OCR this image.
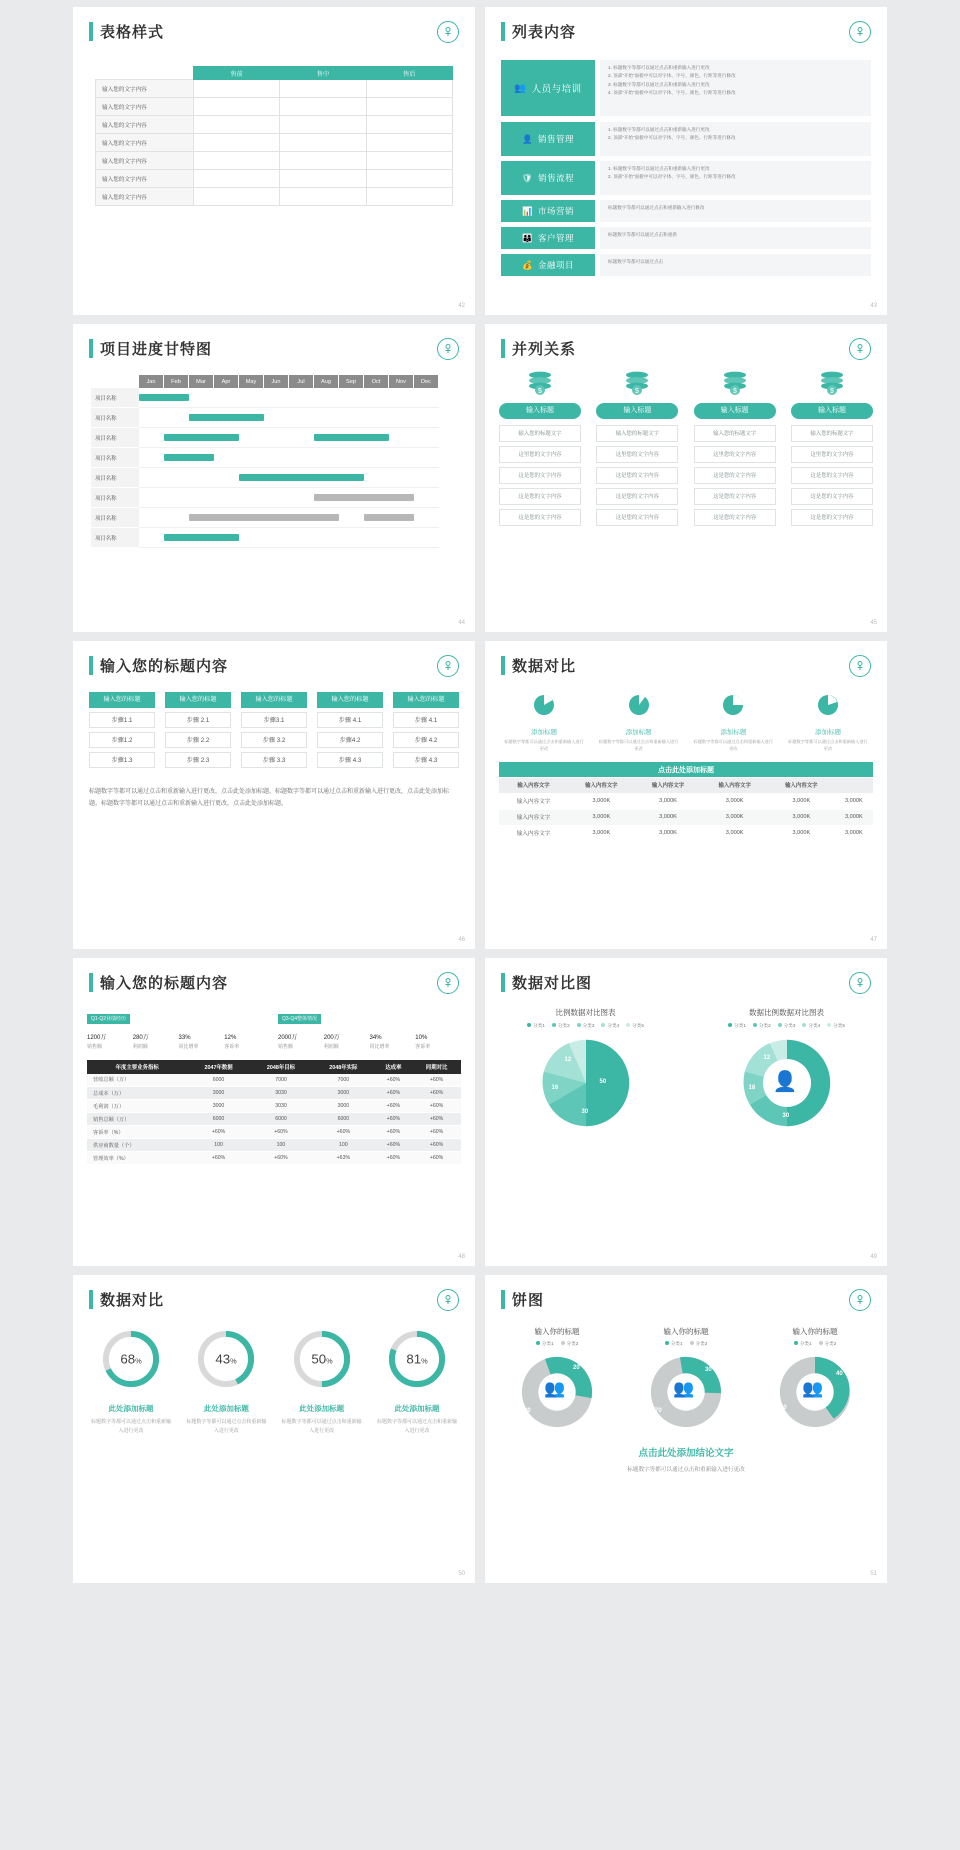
表格样式
	售前	售中	售后
输入您的文字内容			
输入您的文字内容			
输入您的文字内容			
输入您的文字内容			
输入您的文字内容			
输入您的文字内容			
输入您的文字内容			
42
列表内容
👥 人员与培训
1. 标题数字等都可以通过点击和重新输入进行更改
2. 顶部“开始”面板中可以对字体、字号、颜色、行距等进行修改
3. 标题数字等都可以通过点击和重新输入进行更改
4. 顶部“开始”面板中可以对字体、字号、颜色、行距等进行修改
👤 销售管理
1. 标题数字等都可以通过点击和重新输入进行更改
2. 顶部“开始”面板中可以对字体、字号、颜色、行距等进行修改
🛡 销售流程
1. 标题数字等都可以通过点击和重新输入进行更改
2. 顶部“开始”面板中可以对字体、字号、颜色、行距等进行修改
📊 市场营销	标题数字等都可以通过点击和重新输入进行修改
👨‍👩‍👦 客户管理	标题数字等都可以通过点击和重新
💰 金融项目	标题数字等都可以通过点击
43
项目进度甘特图
Jan	Feb	Mar	Apr	May	Jun	Jul	Aug	Sep	Oct	Nov	Dec
项目名称
项目名称
项目名称
项目名称
项目名称
项目名称
项目名称
项目名称
44
并列关系
$
输入标题
输入您的标题文字
这里您的文字内容
这是您的文字内容
这是您的文字内容
这是您的文字内容
$
输入标题
输入您的标题文字
这里您的文字内容
这是您的文字内容
这是您的文字内容
这是您的文字内容
$
输入标题
输入您的标题文字
这里您的文字内容
这是您的文字内容
这是您的文字内容
这是您的文字内容
$
输入标题
输入您的标题文字
这里您的文字内容
这是您的文字内容
这是您的文字内容
这是您的文字内容
45
输入您的标题内容
输入您的标题
步骤1.1
步骤1.2
步骤1.3
输入您的标题
步骤 2.1
步骤 2.2
步骤 2.3
输入您的标题
步骤3.1
步骤 3.2
步骤 3.3
输入您的标题
步骤 4.1
步骤4.2
步骤 4.3
输入您的标题
步骤 4.1
步骤 4.2
步骤 4.3
标题数字等都可以通过点击和重新输入进行更改，点击此处添加标题。标题数字等都可以通过点击和重新输入进行更改，点击此处添加标题。标题数字等都可以通过点击和重新输入进行更改，点击此处添加标题。
46
数据对比
添加标题
标题数字等都可以通过点击和重新输入进行更改
添加标题
标题数字等都可以通过点击和重新输入进行更改
添加标题
标题数字等都可以通过点击和重新输入进行更改
添加标题
标题数字等都可以通过点击和重新输入进行更改
点击此处添加标题					
输入内容文字	输入内容文字	输入内容文字	输入内容文字	输入内容文字	
输入内容文字	3,000K	3,000K	3,000K	3,000K	3,000K
输入内容文字	3,000K	3,000K	3,000K	3,000K	3,000K
输入内容文字	3,000K	3,000K	3,000K	3,000K	3,000K
47
输入您的标题内容
Q1-Q2业绩经历
1200万
销售额
280万
利润额
33%
同比增率
12%
客诉率
Q3-Q4整体情况
2000万
销售额
200万
利润额
34%
同比增率
10%
客诉率
年度主要业务指标	2047年数据	2048年目标	2048年实际	达成率	同期对比
营收总额（万）	6000	7000	7000	+60%	+60%
总成本（万）	3000	3030	3000	+60%	+60%
毛利润（万）	3000	3030	3000	+60%	+60%
销售总额（万）	6000	6000	6000	+60%	+60%
客诉率（%）	+60%	+60%	+60%	+60%	+60%
供应商数量（个）	100	100	100	+60%	+60%
管理效率（%）	+60%	+60%	+63%	+60%	+60%
48
数据对比图
比例数据对比图表
分类1	分类2	分类3	分类4	分类5
50
30
16
12
数据比例数据对比图表
分类1	分类2	分类3	分类4	分类5
👤 50
30
18
12
49
数据对比
68%
此处添加标题
标题数字等都可以通过点击和重新输入进行更改
43%
此处添加标题
标题数字等都可以通过点击和重新输入进行更改
50%
此处添加标题
标题数字等都可以通过点击和重新输入进行更改
81%
此处添加标题
标题数字等都可以通过点击和重新输入进行更改
50
饼图
输入你的标题
分类1	分类2
👥
20
80
输入你的标题
分类1	分类2
👥
30
70
输入你的标题
分类1	分类2
👥
40
60
点击此处添加结论文字
标题数字等都可以通过点击和重新输入进行更改
51
